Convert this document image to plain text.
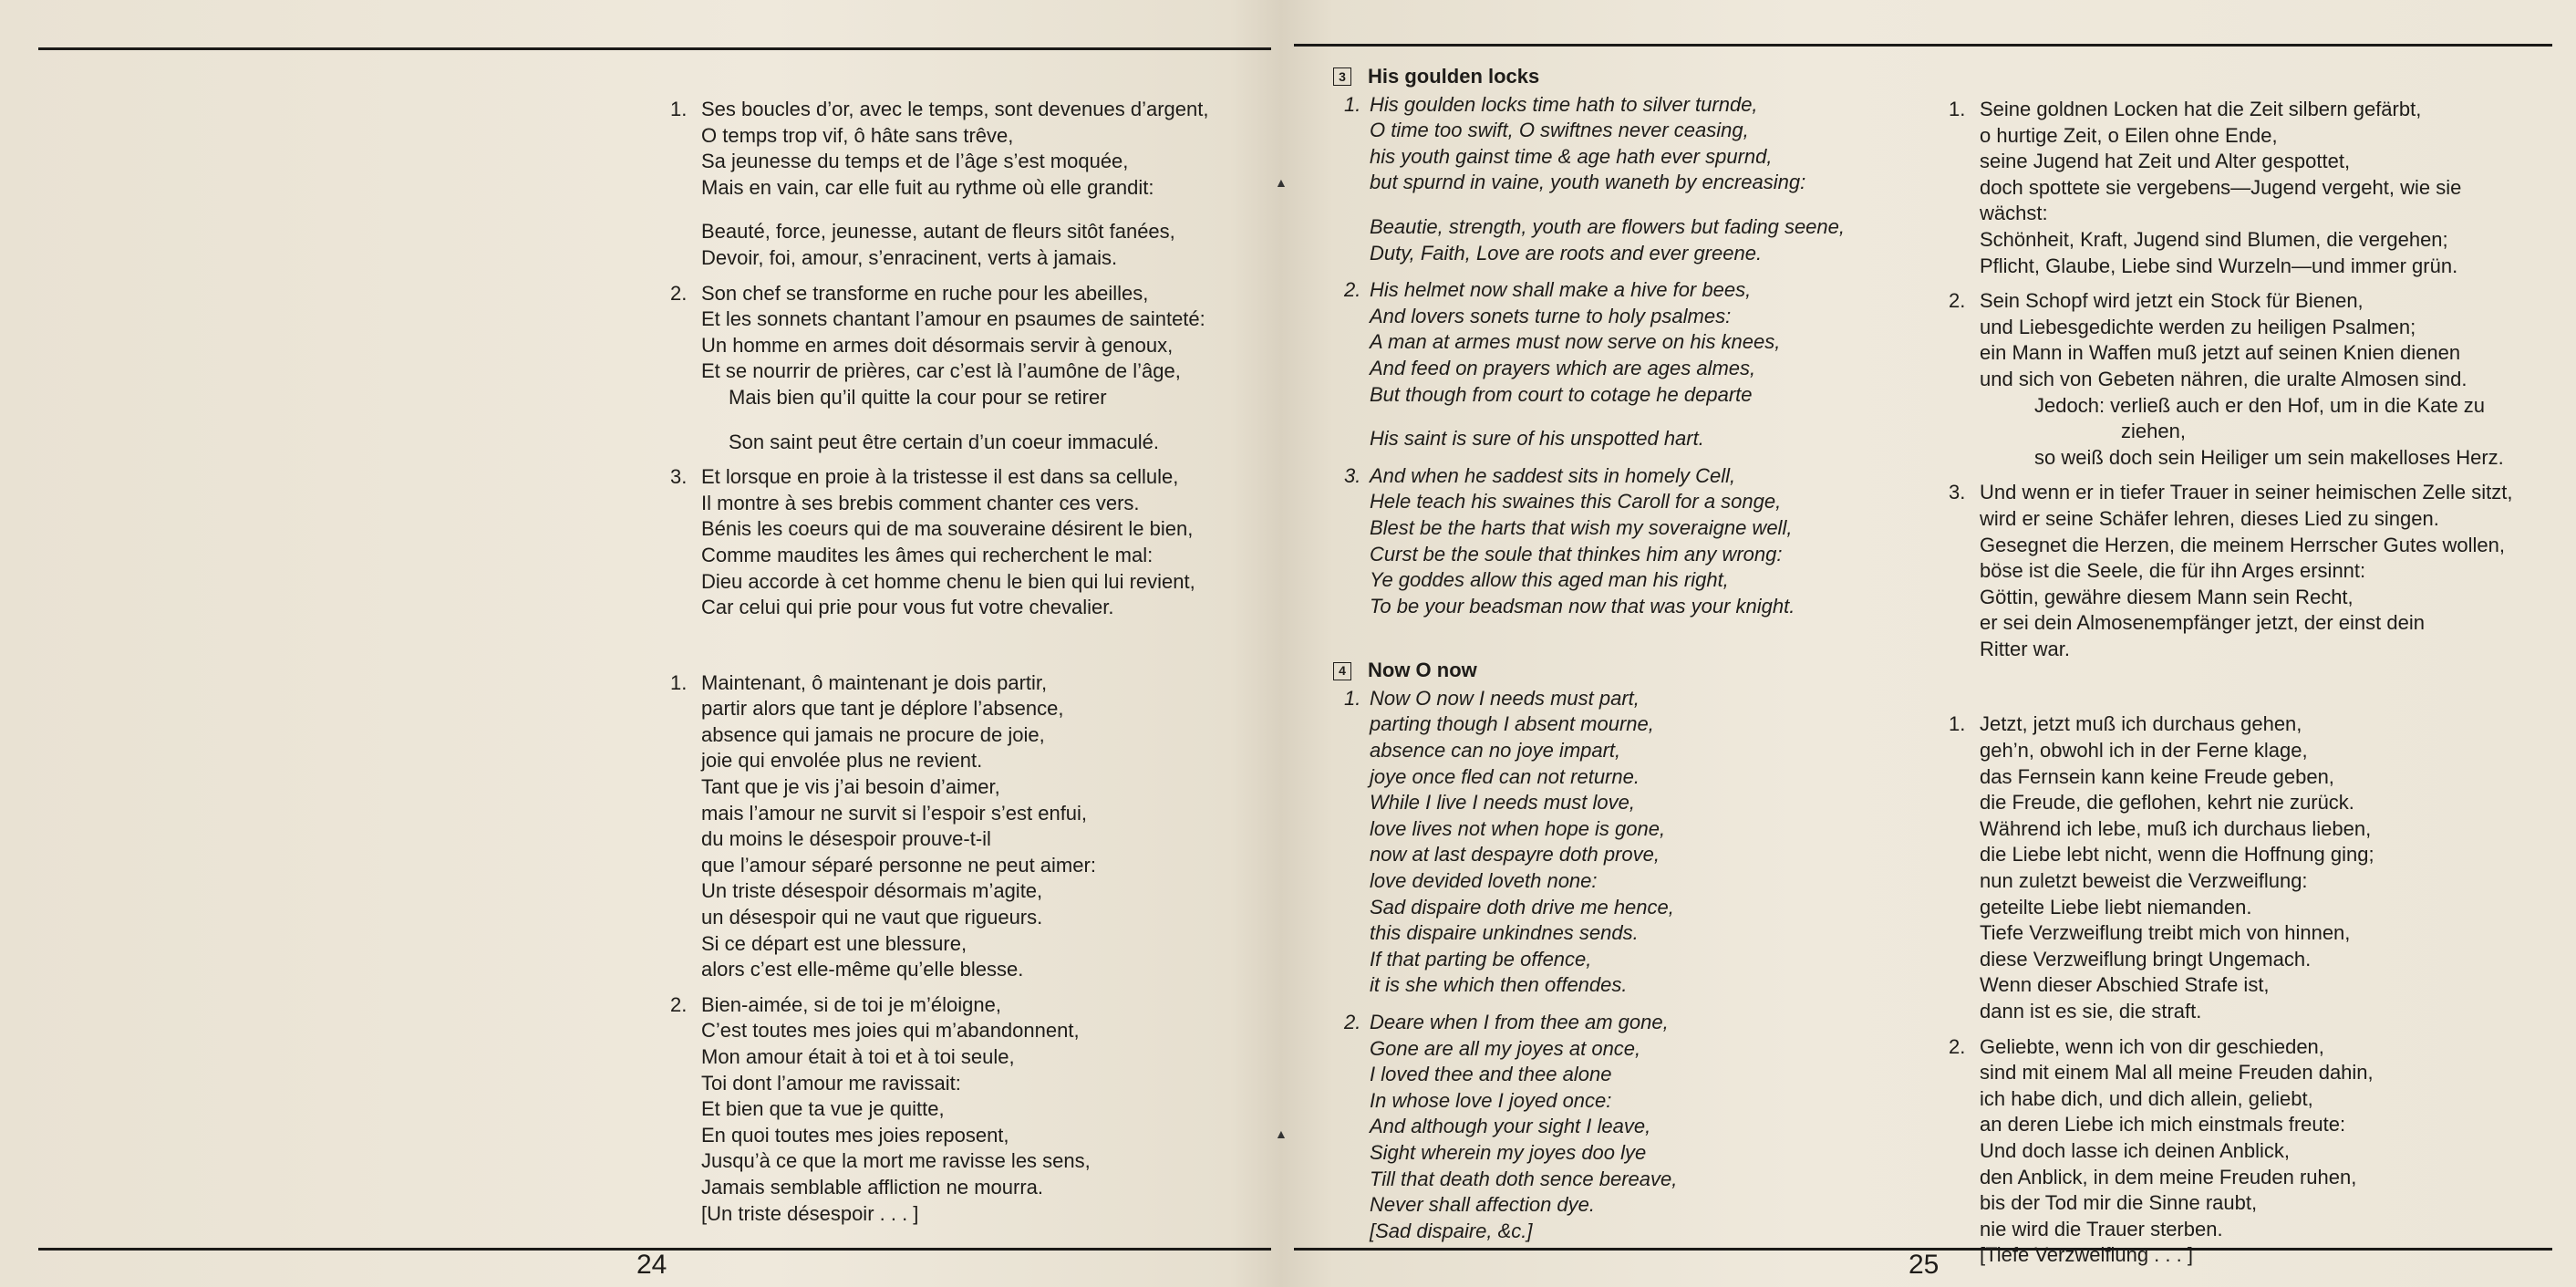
24
1. Ses boucles d’or, avec le temps, sont devenues d’argent,
O temps trop vif, ô hâte sans trêve,
Sa jeunesse du temps et de l’âge s’est moquée,
Mais en vain, car elle fuit au rythme où elle grandit:
Beauté, force, jeunesse, autant de fleurs sitôt fanées,
Devoir, foi, amour, s’enracinent, verts à jamais.
2. Son chef se transforme en ruche pour les abeilles,
Et les sonnets chantant l’amour en psaumes de sainteté:
Un homme en armes doit désormais servir à genoux,
Et se nourrir de prières, car c’est là l’aumône de l’âge,
Mais bien qu’il quitte la cour pour se retirer
Son saint peut être certain d’un coeur immaculé.
3. Et lorsque en proie à la tristesse il est dans sa cellule,
Il montre à ses brebis comment chanter ces vers.
Bénis les coeurs qui de ma souveraine désirent le bien,
Comme maudites les âmes qui recherchent le mal:
Dieu accorde à cet homme chenu le bien qui lui revient,
Car celui qui prie pour vous fut votre chevalier.
1. Maintenant, ô maintenant je dois partir,
partir alors que tant je déplore l’absence,
absence qui jamais ne procure de joie,
joie qui envolée plus ne revient.
Tant que je vis j’ai besoin d’aimer,
mais l’amour ne survit si l’espoir s’est enfui,
du moins le désespoir prouve-t-il
que l’amour séparé personne ne peut aimer:
Un triste désespoir désormais m’agite,
un désespoir qui ne vaut que rigueurs.
Si ce départ est une blessure,
alors c’est elle-même qu’elle blesse.
2. Bien-aimée, si de toi je m’éloigne,
C’est toutes mes joies qui m’abandonnent,
Mon amour était à toi et à toi seule,
Toi dont l’amour me ravissait:
Et bien que ta vue je quitte,
En quoi toutes mes joies reposent,
Jusqu’à ce que la mort me ravisse les sens,
Jamais semblable affliction ne mourra.
[Un triste désespoir . . . ]
25
3 His goulden locks
1. His goulden locks time hath to silver turnde,
O time too swift, O swiftnes never ceasing,
his youth gainst time & age hath ever spurnd,
but spurnd in vaine, youth waneth by encreasing:
Beautie, strength, youth are flowers but fading seene,
Duty, Faith, Love are roots and ever greene.
2. His helmet now shall make a hive for bees,
And lovers sonets turne to holy psalmes:
A man at armes must now serve on his knees,
And feed on prayers which are ages almes,
But though from court to cotage he departe
His saint is sure of his unspotted hart.
3. And when he saddest sits in homely Cell,
Hele teach his swaines this Caroll for a songe,
Blest be the harts that wish my soveraigne well,
Curst be the soule that thinkes him any wrong:
Ye goddes allow this aged man his right,
To be your beadsman now that was your knight.
4 Now O now
1. Now O now I needs must part,
parting though I absent mourne,
absence can no joye impart,
joye once fled can not returne.
While I live I needs must love,
love lives not when hope is gone,
now at last despayre doth prove,
love devided loveth none:
Sad dispaire doth drive me hence,
this dispaire unkindnes sends.
If that parting be offence,
it is she which then offendes.
2. Deare when I from thee am gone,
Gone are all my joyes at once,
I loved thee and thee alone
In whose love I joyed once:
And although your sight I leave,
Sight wherein my joyes doo lye
Till that death doth sence bereave,
Never shall affection dye.
[Sad dispaire, &c.]
1. Seine goldnen Locken hat die Zeit silbern gefärbt,
o hurtige Zeit, o Eilen ohne Ende,
seine Jugend hat Zeit und Alter gespottet,
doch spottete sie vergebens—Jugend vergeht, wie sie
wächst:
Schönheit, Kraft, Jugend sind Blumen, die vergehen;
Pflicht, Glaube, Liebe sind Wurzeln—und immer grün.
2. Sein Schopf wird jetzt ein Stock für Bienen,
und Liebesgedichte werden zu heiligen Psalmen;
ein Mann in Waffen muß jetzt auf seinen Knien dienen
und sich von Gebeten nähren, die uralte Almosen sind.
Jedoch: verließ auch er den Hof, um in die Kate zu
ziehen,
so weiß doch sein Heiliger um sein makelloses Herz.
3. Und wenn er in tiefer Trauer in seiner heimischen Zelle sitzt,
wird er seine Schäfer lehren, dieses Lied zu singen.
Gesegnet die Herzen, die meinem Herrscher Gutes wollen,
böse ist die Seele, die für ihn Arges ersinnt:
Göttin, gewähre diesem Mann sein Recht,
er sei dein Almosenempfänger jetzt, der einst dein
Ritter war.
1. Jetzt, jetzt muß ich durchaus gehen,
geh’n, obwohl ich in der Ferne klage,
das Fernsein kann keine Freude geben,
die Freude, die geflohen, kehrt nie zurück.
Während ich lebe, muß ich durchaus lieben,
die Liebe lebt nicht, wenn die Hoffnung ging;
nun zuletzt beweist die Verzweiflung:
geteilte Liebe liebt niemanden.
Tiefe Verzweiflung treibt mich von hinnen,
diese Verzweiflung bringt Ungemach.
Wenn dieser Abschied Strafe ist,
dann ist es sie, die straft.
2. Geliebte, wenn ich von dir geschieden,
sind mit einem Mal all meine Freuden dahin,
ich habe dich, und dich allein, geliebt,
an deren Liebe ich mich einstmals freute:
Und doch lasse ich deinen Anblick,
den Anblick, in dem meine Freuden ruhen,
bis der Tod mir die Sinne raubt,
nie wird die Trauer sterben.
[Tiefe Verzweiflung . . . ]
▲
▲
